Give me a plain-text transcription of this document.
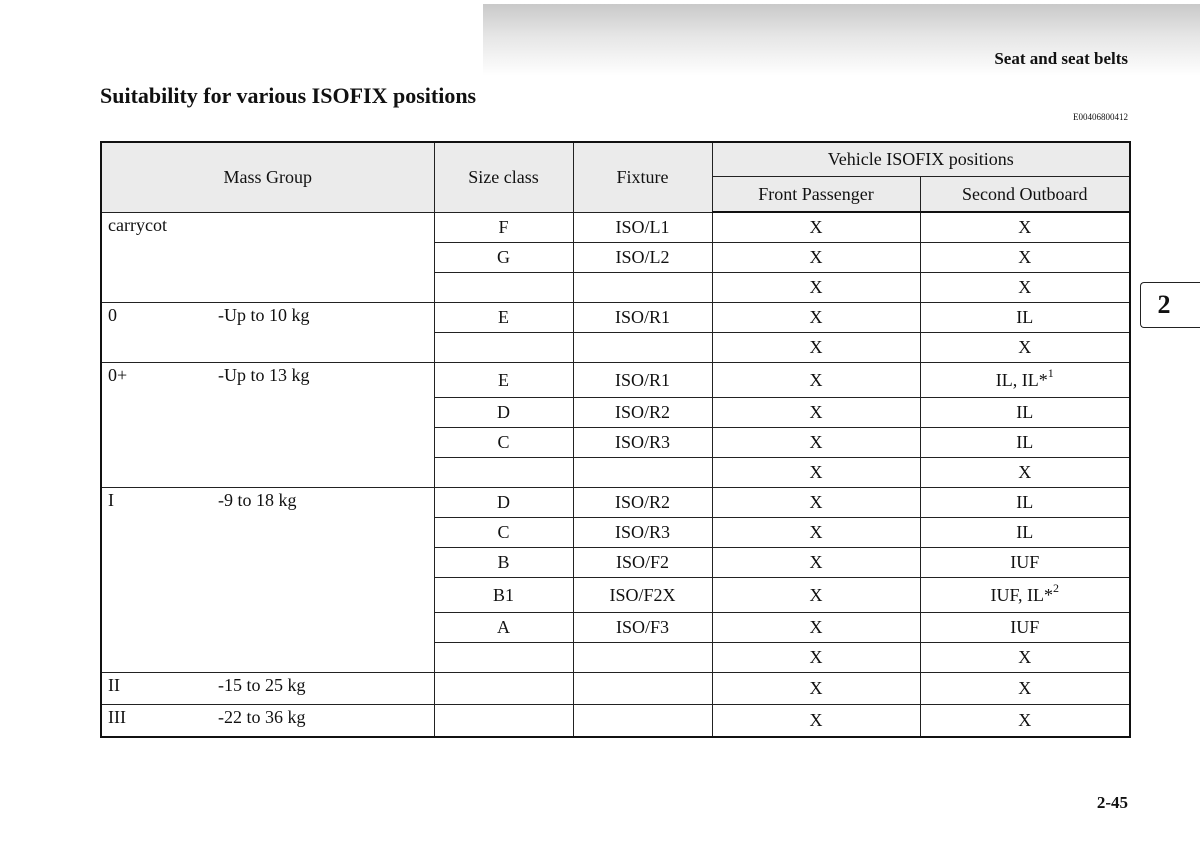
Seat and seat belts
Suitability for various ISOFIX positions
E00406800412
2
Mass Group	Size class	Fixture	Vehicle ISOFIX positions	
			Front Passenger	Second Outboard
carrycot	F	ISO/L1	X	X
	G	ISO/L2	X	X
			X	X
0 -Up to 10 kg	E	ISO/R1	X	IL
			X	X
0+ -Up to 13 kg	E	ISO/R1	X	IL, IL*$^1$
	D	ISO/R2	X	IL
	C	ISO/R3	X	IL
			X	X
I -9 to 18 kg	D	ISO/R2	X	IL
	C	ISO/R3	X	IL
	B	ISO/F2	X	IUF
	B1	ISO/F2X	X	IUF, IL*$^2$
	A	ISO/F3	X	IUF
			X	X
II -15 to 25 kg			X	X
III -22 to 36 kg			X	X
2-45
